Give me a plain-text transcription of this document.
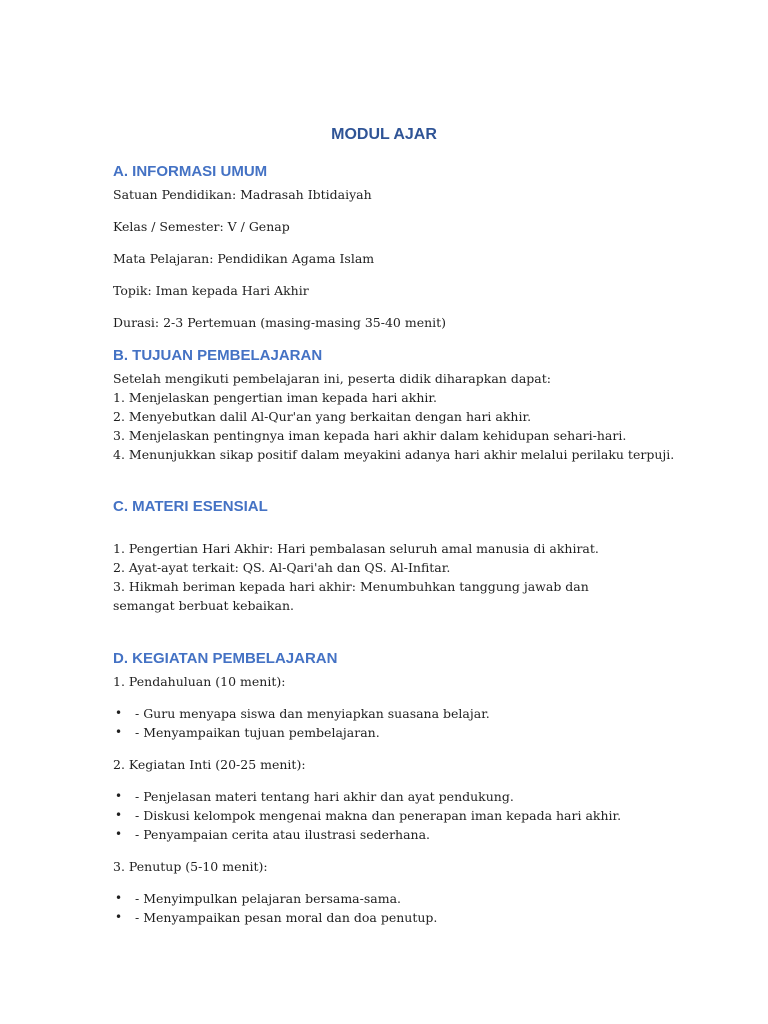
MODUL AJAR
A. INFORMASI UMUM
Satuan Pendidikan: Madrasah Ibtidaiyah
Kelas / Semester: V / Genap
Mata Pelajaran: Pendidikan Agama Islam
Topik: Iman kepada Hari Akhir
Durasi: 2-3 Pertemuan (masing-masing 35-40 menit)
B. TUJUAN PEMBELAJARAN
Setelah mengikuti pembelajaran ini, peserta didik diharapkan dapat:
1. Menjelaskan pengertian iman kepada hari akhir.
2. Menyebutkan dalil Al-Qur'an yang berkaitan dengan hari akhir.
3. Menjelaskan pentingnya iman kepada hari akhir dalam kehidupan sehari-hari.
4. Menunjukkan sikap positif dalam meyakini adanya hari akhir melalui perilaku terpuji.
C. MATERI ESENSIAL
1. Pengertian Hari Akhir: Hari pembalasan seluruh amal manusia di akhirat.
2. Ayat-ayat terkait: QS. Al-Qari'ah dan QS. Al-Infitar.
3. Hikmah beriman kepada hari akhir: Menumbuhkan tanggung jawab dan semangat berbuat kebaikan.
D. KEGIATAN PEMBELAJARAN
1. Pendahuluan (10 menit):
• - Guru menyapa siswa dan menyiapkan suasana belajar.
• - Menyampaikan tujuan pembelajaran.
2. Kegiatan Inti (20-25 menit):
• - Penjelasan materi tentang hari akhir dan ayat pendukung.
• - Diskusi kelompok mengenai makna dan penerapan iman kepada hari akhir.
• - Penyampaian cerita atau ilustrasi sederhana.
3. Penutup (5-10 menit):
• - Menyimpulkan pelajaran bersama-sama.
• - Menyampaikan pesan moral dan doa penutup.
